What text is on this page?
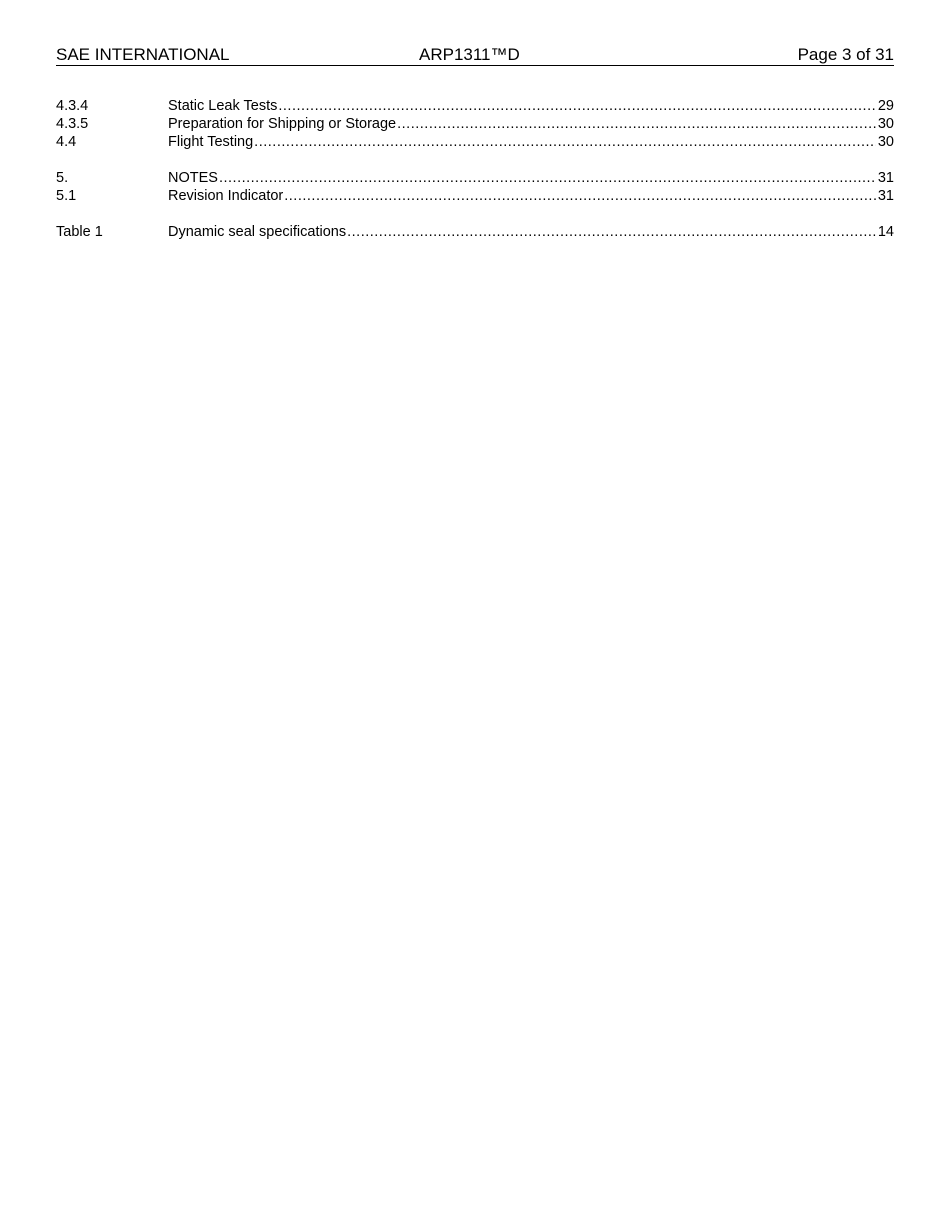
SAE INTERNATIONAL	ARP1311™D	Page 3 of 31
4.3.4	Static Leak Tests .....	29
4.3.5	Preparation for Shipping or Storage .....	30
4.4	Flight Testing .....	30
5.	NOTES .....	31
5.1	Revision Indicator .....	31
Table 1	Dynamic seal specifications .....	14
